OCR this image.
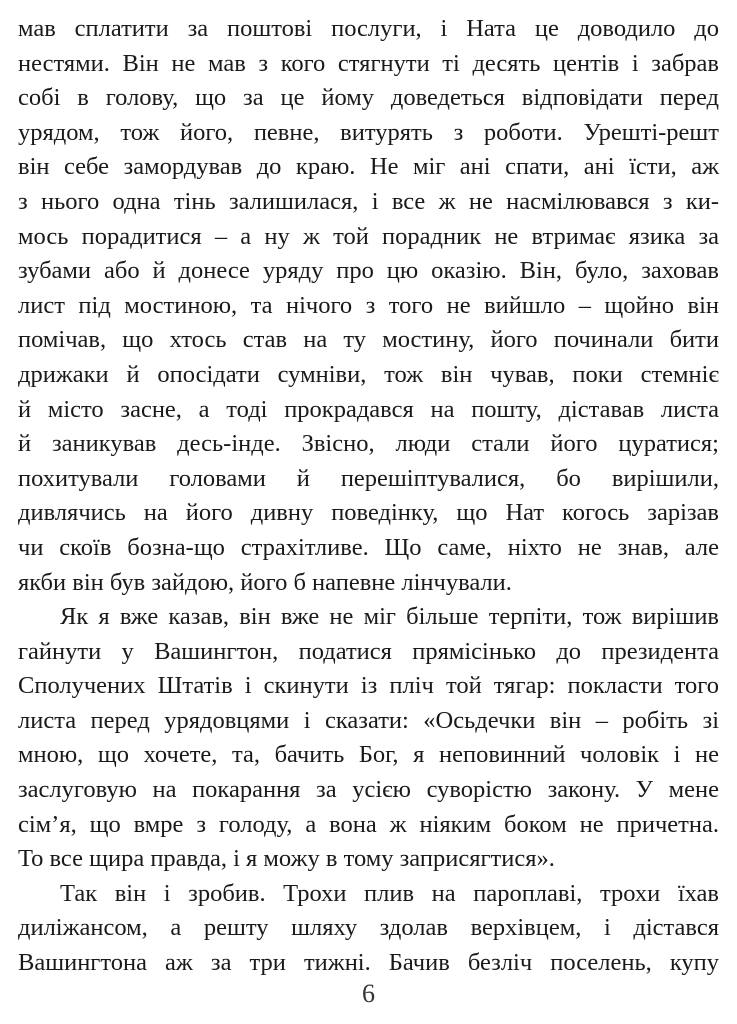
мав сплатити за поштові послуги, і Ната це доводило до
нестями. Він не мав з кого стягнути ті десять центів і забрав
собі в голову, що за це йому доведеться відповідати перед
урядом, тож його, певне, витурять з роботи. Урешті-решт
він себе замордував до краю. Не міг ані спати, ані їсти, аж
з нього одна тінь залишилася, і все ж не насмілювався з ки-
мось порадитися – а ну ж той порадник не втримає язика за
зубами або й донесе уряду про цю оказію. Він, було, заховав
лист під мостиною, та нічого з того не вийшло – щойно він
помічав, що хтось став на ту мостину, його починали бити
дрижаки й опосідати сумніви, тож він чував, поки стемніє
й місто засне, а тоді прокрадався на пошту, діставав листа
й заникував десь-інде. Звісно, люди стали його цуратися;
похитували головами й перешіптувалися, бо вирішили,
дивлячись на його дивну поведінку, що Нат когось зарізав
чи скоїв бозна-що страхітливе. Що саме, ніхто не знав, але
якби він був зайдою, його б напевне лінчували.
Як я вже казав, він вже не міг більше терпіти, тож вирішив
гайнути у Вашингтон, податися прямісінько до президента
Сполучених Штатів і скинути із пліч той тягар: покласти того
листа перед урядовцями і сказати: «Осьдечки він – робіть зі
мною, що хочете, та, бачить Бог, я неповинний чоловік і не
заслуговую на покарання за усією суворістю закону. У мене
сім’я, що вмре з голоду, а вона ж ніяким боком не причетна.
То все щира правда, і я можу в тому заприсягтися».
Так він і зробив. Трохи плив на пароплаві, трохи їхав
диліжансом, а решту шляху здолав верхівцем, і дістався
Вашингтона аж за три тижні. Бачив безліч поселень, купу
6
